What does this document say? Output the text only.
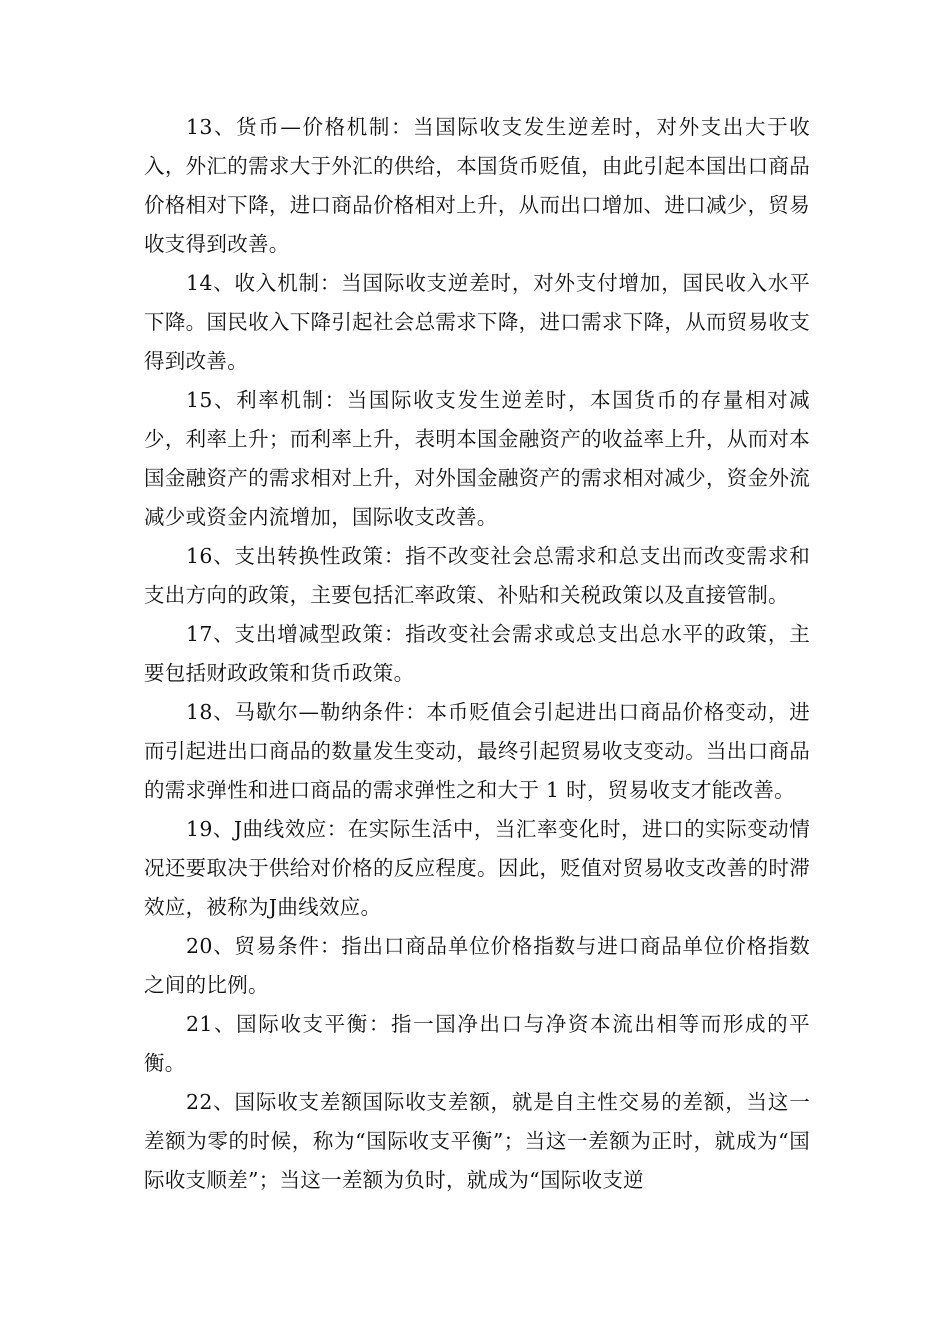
13、货币—价格机制：当国际收支发生逆差时，对外支出大于收入，外汇的需求大于外汇的供给，本国货币贬值，由此引起本国出口商品价格相对下降，进口商品价格相对上升，从而出口增加、进口减少，贸易收支得到改善。

14、收入机制：当国际收支逆差时，对外支付增加，国民收入水平下降。国民收入下降引起社会总需求下降，进口需求下降，从而贸易收支得到改善。

15、利率机制：当国际收支发生逆差时，本国货币的存量相对减少，利率上升；而利率上升，表明本国金融资产的收益率上升，从而对本国金融资产的需求相对上升，对外国金融资产的需求相对减少，资金外流减少或资金内流增加，国际收支改善。

16、支出转换性政策：指不改变社会总需求和总支出而改变需求和支出方向的政策，主要包括汇率政策、补贴和关税政策以及直接管制。

17、支出增减型政策：指改变社会需求或总支出总水平的政策，主要包括财政政策和货币政策。

18、马歇尔—勒纳条件：本币贬值会引起进出口商品价格变动，进而引起进出口商品的数量发生变动，最终引起贸易收支变动。当出口商品的需求弹性和进口商品的需求弹性之和大于 1 时，贸易收支才能改善。

19、J曲线效应：在实际生活中，当汇率变化时，进口的实际变动情况还要取决于供给对价格的反应程度。因此，贬值对贸易收支改善的时滞效应，被称为J曲线效应。

20、贸易条件：指出口商品单位价格指数与进口商品单位价格指数之间的比例。

21、国际收支平衡：指一国净出口与净资本流出相等而形成的平衡。

22、国际收支差额国际收支差额，就是自主性交易的差额，当这一差额为零的时候，称为“国际收支平衡”；当这一差额为正时，就成为“国际收支顺差”；当这一差额为负时，就成为“国际收支逆
